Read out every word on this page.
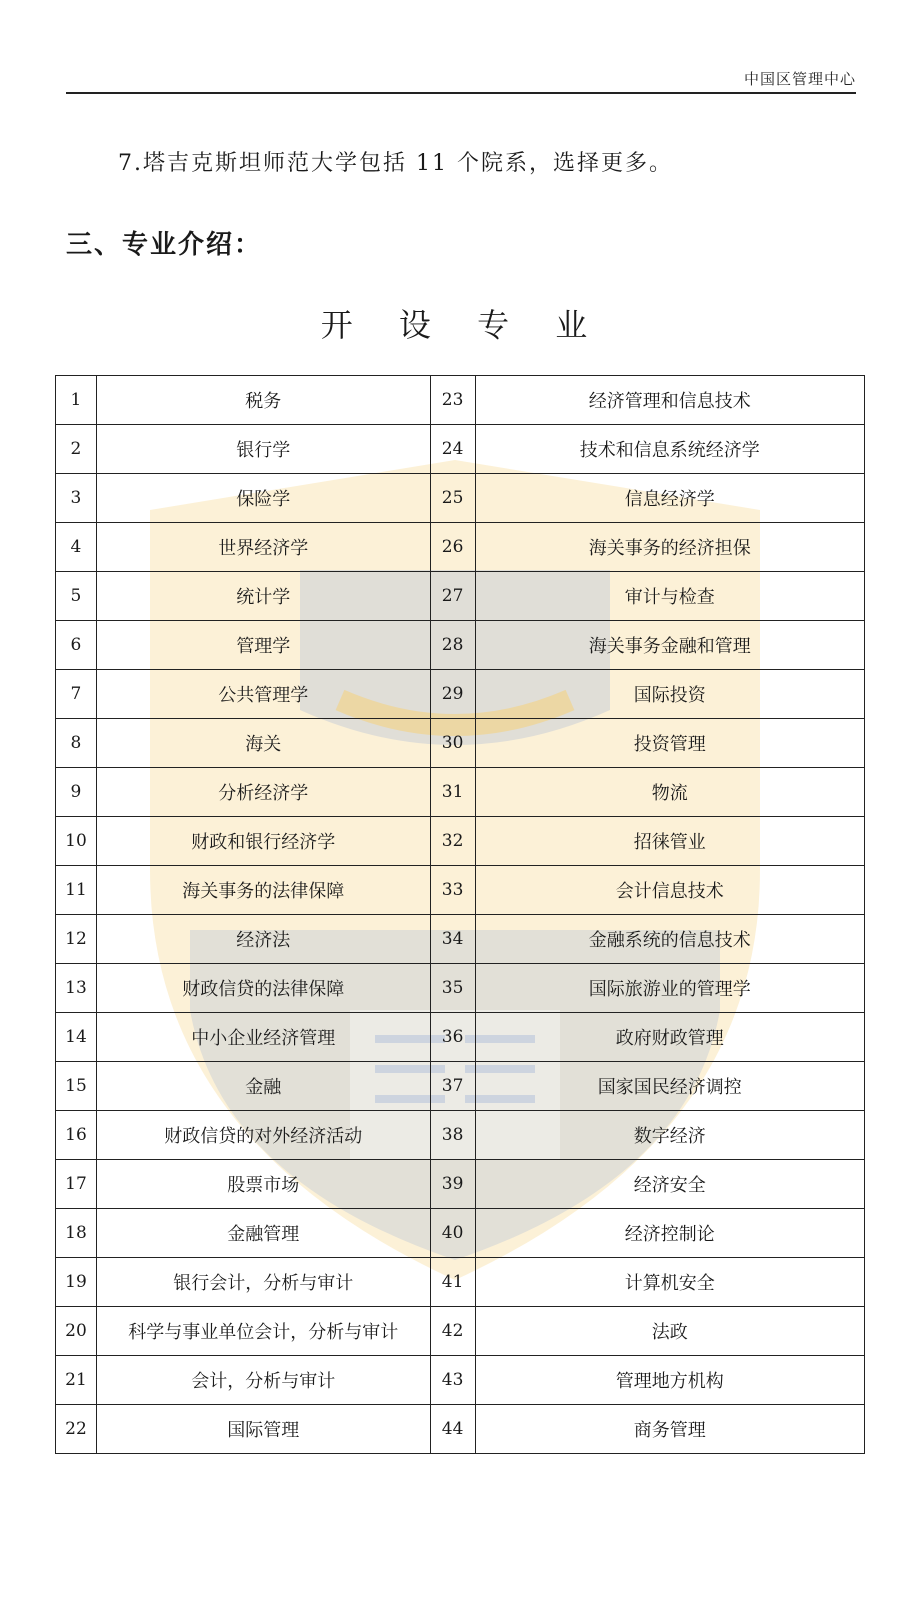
中国区管理中心
7.塔吉克斯坦师范大学包括 11 个院系，选择更多。
三、专业介绍：
开 设 专 业
1	税务	23	经济管理和信息技术
2	银行学	24	技术和信息系统经济学
3	保险学	25	信息经济学
4	世界经济学	26	海关事务的经济担保
5	统计学	27	审计与检查
6	管理学	28	海关事务金融和管理
7	公共管理学	29	国际投资
8	海关	30	投资管理
9	分析经济学	31	物流
10	财政和银行经济学	32	招徕管业
11	海关事务的法律保障	33	会计信息技术
12	经济法	34	金融系统的信息技术
13	财政信贷的法律保障	35	国际旅游业的管理学
14	中小企业经济管理	36	政府财政管理
15	金融	37	国家国民经济调控
16	财政信贷的对外经济活动	38	数字经济
17	股票市场	39	经济安全
18	金融管理	40	经济控制论
19	银行会计，分析与审计	41	计算机安全
20	科学与事业单位会计，分析与审计	42	法政
21	会计，分析与审计	43	管理地方机构
22	国际管理	44	商务管理
